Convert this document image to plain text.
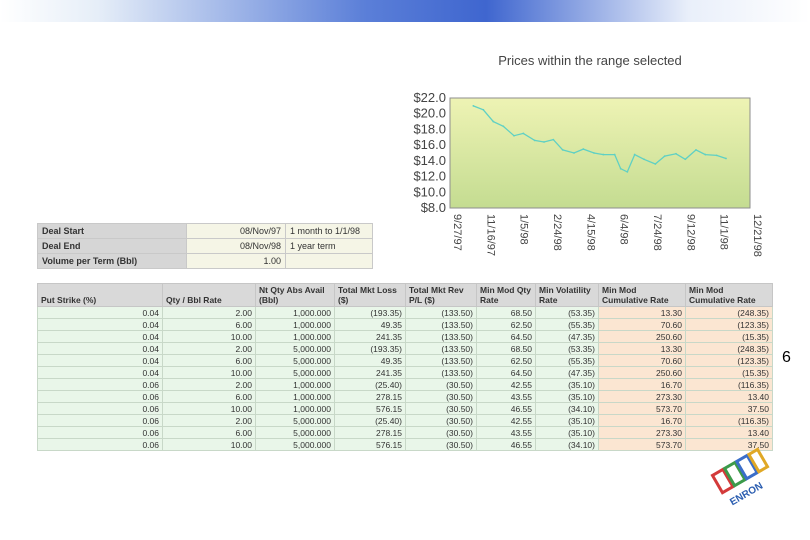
Prices within the range selected
$22.0
$20.0
$18.0
$16.0
$14.0
$12.0
$10.0
$8.0
9/27/97 11/16/97 1/5/98 2/24/98 4/15/98 6/4/98 7/24/98 9/12/98 11/1/98 12/21/98
Deal Start	08/Nov/97	1 month to 1/1/98
Deal End	08/Nov/98	1 year term
Volume per Term (Bbl)	1.00	
Put Strike (%)	Qty / Bbl Rate	Nt Qty Abs Avail (Bbl)	Total Mkt Loss ($)	Total Mkt Rev P/L ($)	Min Mod Qty Rate	Min Volatility Rate	Min Mod Cumulative Rate	Min Mod Cumulative Rate
0.04	2.00	1,000.000	(193.35)	(133.50)	68.50	(53.35)	13.30	(248.35)
0.04	6.00	1,000.000	49.35	(133.50)	62.50	(55.35)	70.60	(123.35)
0.04	10.00	1,000.000	241.35	(133.50)	64.50	(47.35)	250.60	(15.35)
0.04	2.00	5,000.000	(193.35)	(133.50)	68.50	(53.35)	13.30	(248.35)
0.04	6.00	5,000.000	49.35	(133.50)	62.50	(55.35)	70.60	(123.35)
0.04	10.00	5,000.000	241.35	(133.50)	64.50	(47.35)	250.60	(15.35)
0.06	2.00	1,000.000	(25.40)	(30.50)	42.55	(35.10)	16.70	(116.35)
0.06	6.00	1,000.000	278.15	(30.50)	43.55	(35.10)	273.30	13.40
0.06	10.00	1,000.000	576.15	(30.50)	46.55	(34.10)	573.70	37.50
0.06	2.00	5,000.000	(25.40)	(30.50)	42.55	(35.10)	16.70	(116.35)
0.06	6.00	5,000.000	278.15	(30.50)	43.55	(35.10)	273.30	13.40
0.06	10.00	5,000.000	576.15	(30.50)	46.55	(34.10)	573.70	37.50
6
ENRON
